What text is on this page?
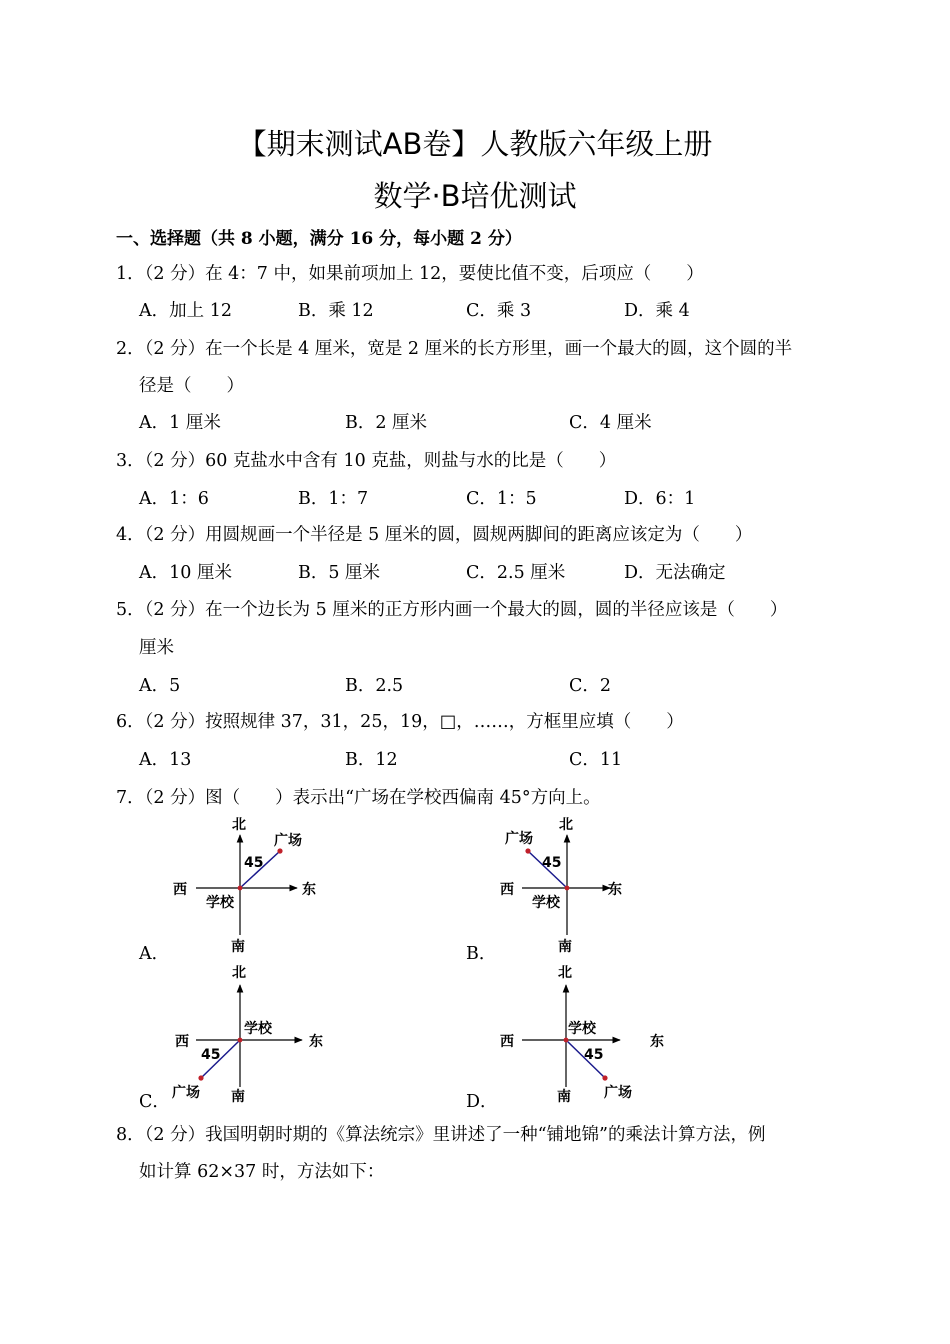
【期末测试AB卷】人教版六年级上册
数学·B培优测试
一、选择题（共 8 小题，满分 16 分，每小题 2 分）
1．（2 分）在 4：7 中，如果前项加上 12，要使比值不变，后项应（　　）
A．加上 12	B．乘 12	C．乘 3	D．乘 4
2．（2 分）在一个长是 4 厘米，宽是 2 厘米的长方形里，画一个最大的圆，这个圆的半
径是（　　）
A．1 厘米	B．2 厘米	C．4 厘米
3．（2 分）60 克盐水中含有 10 克盐，则盐与水的比是（　　）
A．1：6	B．1：7	C．1：5	D．6：1
4．（2 分）用圆规画一个半径是 5 厘米的圆，圆规两脚间的距离应该定为（　　）
A．10 厘米	B．5 厘米	C．2.5 厘米	D．无法确定
5．（2 分）在一个边长为 5 厘米的正方形内画一个最大的圆，圆的半径应该是（　　）
厘米
A．5	B．2.5	C．2
6．（2 分）按照规律 37，31，25，19，□，……，方框里应填（　　）
A．13	B．12	C．11
7．（2 分）图（　　）表示出“广场在学校西偏南 45°方向上。
北
南
东
西
学校
广场
45
北
南
东
西
学校
广场
45
北
南
东
西
学校
广场
45
北
南
东
西
学校
广场
45
A．	B．
C．	D．
8．（2 分）我国明朝时期的《算法统宗》里讲述了一种“铺地锦”的乘法计算方法，例
如计算 62×37 时，方法如下：
